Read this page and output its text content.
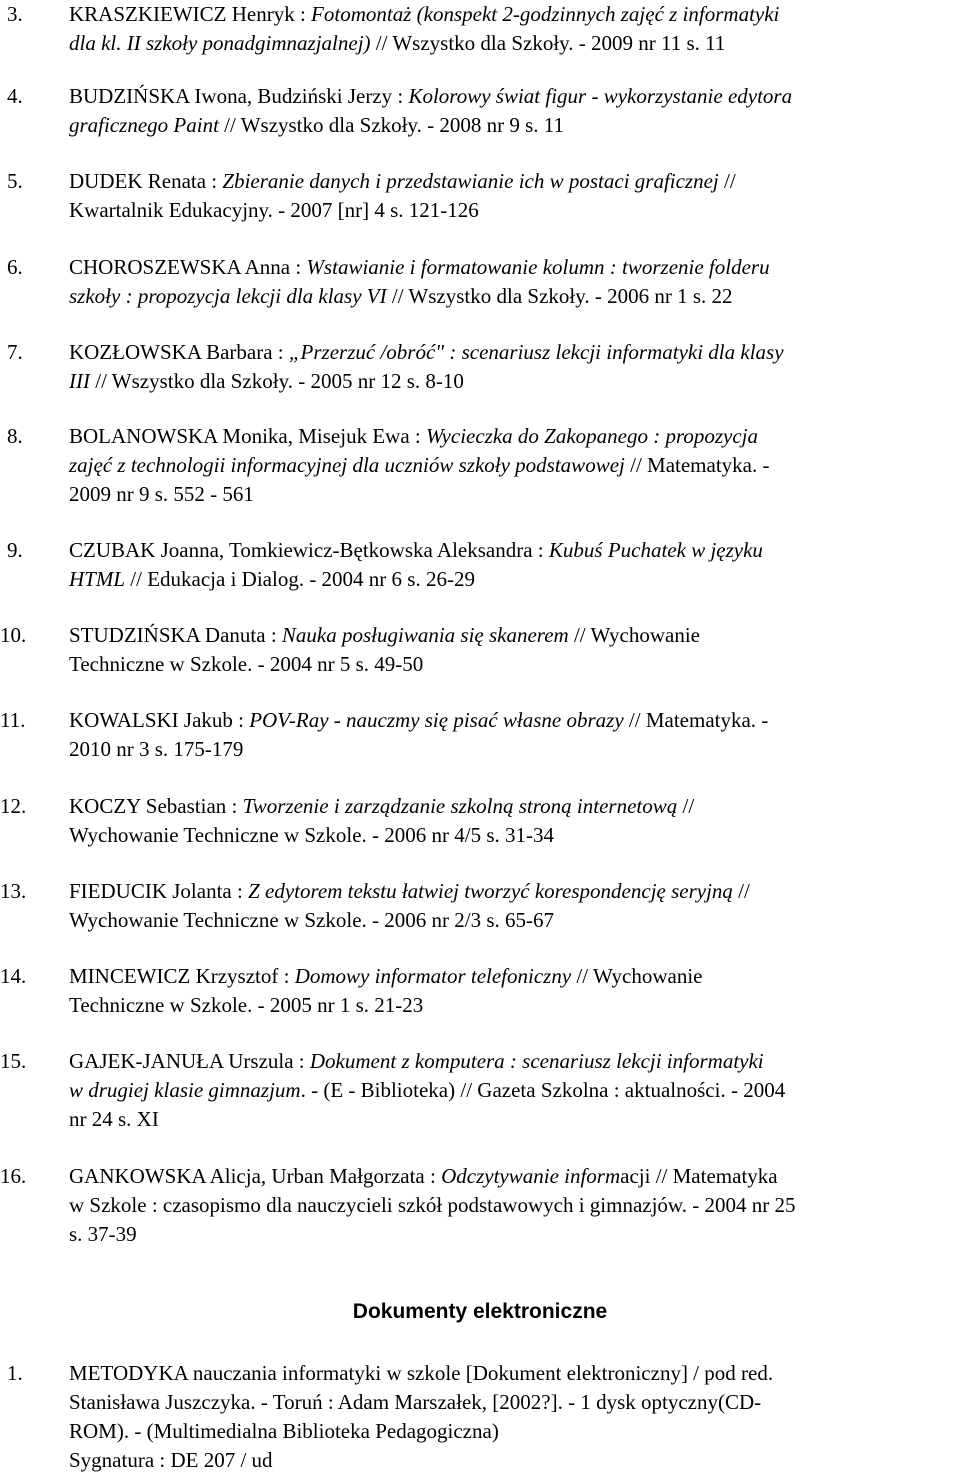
3. KRASZKIEWICZ Henryk : Fotomontaż (konspekt 2-godzinnych zajęć z informatyki
dla kl. II szkoły ponadgimnazjalnej) // Wszystko dla Szkoły. - 2009 nr 11 s. 11
4. BUDZIŃSKA Iwona, Budziński Jerzy : Kolorowy świat figur - wykorzystanie edytora
graficznego Paint // Wszystko dla Szkoły. - 2008 nr 9 s. 11
5. DUDEK Renata : Zbieranie danych i przedstawianie ich w postaci graficznej //
Kwartalnik Edukacyjny. - 2007 [nr] 4 s. 121-126
6. CHOROSZEWSKA Anna : Wstawianie i formatowanie kolumn : tworzenie folderu
szkoły : propozycja lekcji dla klasy VI // Wszystko dla Szkoły. - 2006 nr 1 s. 22
7. KOZŁOWSKA Barbara : „Przerzuć /obróć" : scenariusz lekcji informatyki dla klasy
III // Wszystko dla Szkoły. - 2005 nr 12 s. 8-10
8. BOLANOWSKA Monika, Misejuk Ewa : Wycieczka do Zakopanego : propozycja
zajęć z technologii informacyjnej dla uczniów szkoły podstawowej // Matematyka. -
2009 nr 9 s. 552 - 561
9. CZUBAK Joanna, Tomkiewicz-Bętkowska Aleksandra : Kubuś Puchatek w języku
HTML // Edukacja i Dialog. - 2004 nr 6 s. 26-29
10. STUDZIŃSKA Danuta : Nauka posługiwania się skanerem // Wychowanie
Techniczne w Szkole. - 2004 nr 5 s. 49-50
11. KOWALSKI Jakub : POV-Ray - nauczmy się pisać własne obrazy // Matematyka. -
2010 nr 3 s. 175-179
12. KOCZY Sebastian : Tworzenie i zarządzanie szkolną stroną internetową //
Wychowanie Techniczne w Szkole. - 2006 nr 4/5 s. 31-34
13. FIEDUCIK Jolanta : Z edytorem tekstu łatwiej tworzyć korespondencję seryjną //
Wychowanie Techniczne w Szkole. - 2006 nr 2/3 s. 65-67
14. MINCEWICZ Krzysztof : Domowy informator telefoniczny // Wychowanie
Techniczne w Szkole. - 2005 nr 1 s. 21-23
15. GAJEK-JANUŁA Urszula : Dokument z komputera : scenariusz lekcji informatyki
w drugiej klasie gimnazjum. - (E - Biblioteka) // Gazeta Szkolna : aktualności. - 2004
nr 24 s. XI
16. GANKOWSKA Alicja, Urban Małgorzata : Odczytywanie informacji // Matematyka
w Szkole : czasopismo dla nauczycieli szkół podstawowych i gimnazjów. - 2004 nr 25
s. 37-39
Dokumenty elektroniczne
1. METODYKA nauczania informatyki w szkole [Dokument elektroniczny] / pod red.
Stanisława Juszczyka. - Toruń : Adam Marszałek, [2002?]. - 1 dysk optyczny(CD-
ROM). - (Multimedialna Biblioteka Pedagogiczna)
Sygnatura : DE 207 / ud
